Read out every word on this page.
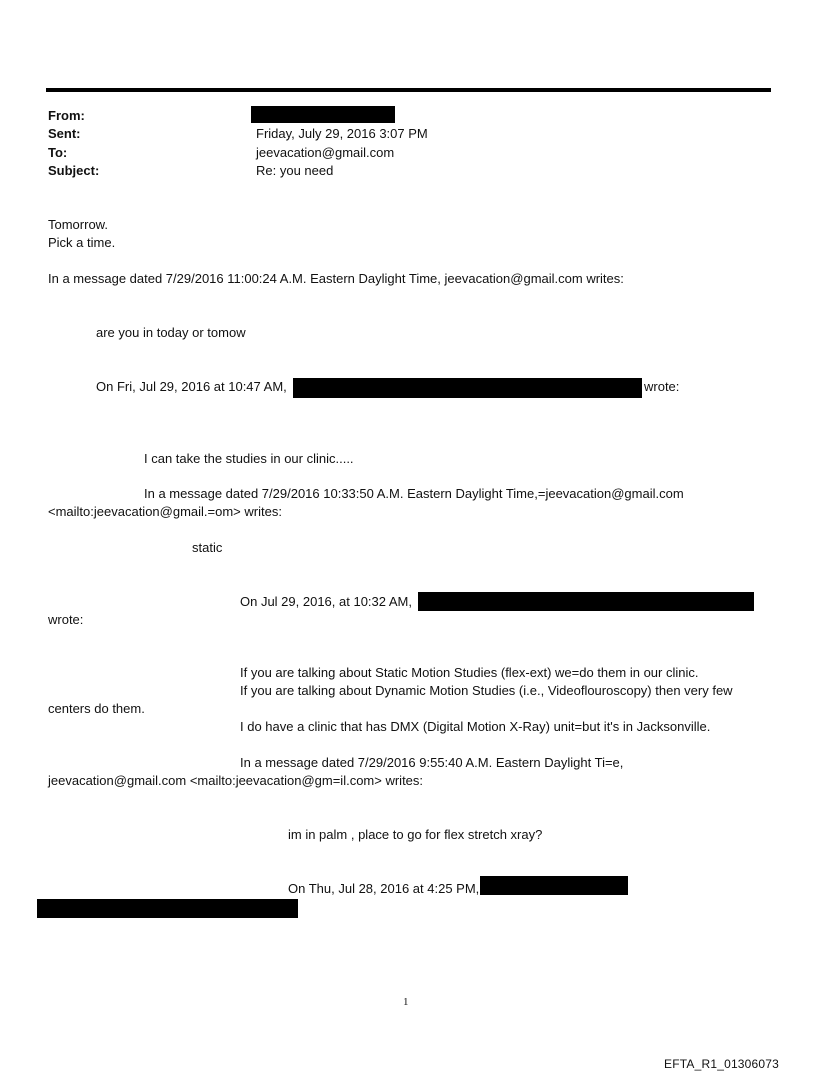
From:
Sent:	Friday, July 29, 2016 3:07 PM
To:	jeevacation@gmail.com
Subject:	Re: you need
Tomorrow.
Pick a time.
In a message dated 7/29/2016 11:00:24 A.M. Eastern Daylight Time, jeevacation@gmail.com writes:
are you in today or tomow
On Fri, Jul 29, 2016 at 10:47 AM,	wrote:
I can take the studies in our clinic.....
In a message dated 7/29/2016 10:33:50 A.M. Eastern Daylight Time,=jeevacation@gmail.com
<mailto:jeevacation@gmail.=om> writes:
static
On Jul 29, 2016, at 10:32 AM,
wrote:
If you are talking about Static Motion Studies (flex-ext) we=do them in our clinic.
If you are talking about Dynamic Motion Studies (i.e., Videoflouroscopy) then very few
centers do them.
I do have a clinic that has DMX (Digital Motion X-Ray) unit=but it's in Jacksonville.
In a message dated 7/29/2016 9:55:40 A.M. Eastern Daylight Ti=e,
jeevacation@gmail.com <mailto:jeevacation@gm=il.com> writes:
im in palm , place to go for flex stretch xray?
On Thu, Jul 28, 2016 at 4:25 PM,
1
EFTA_R1_01306073
